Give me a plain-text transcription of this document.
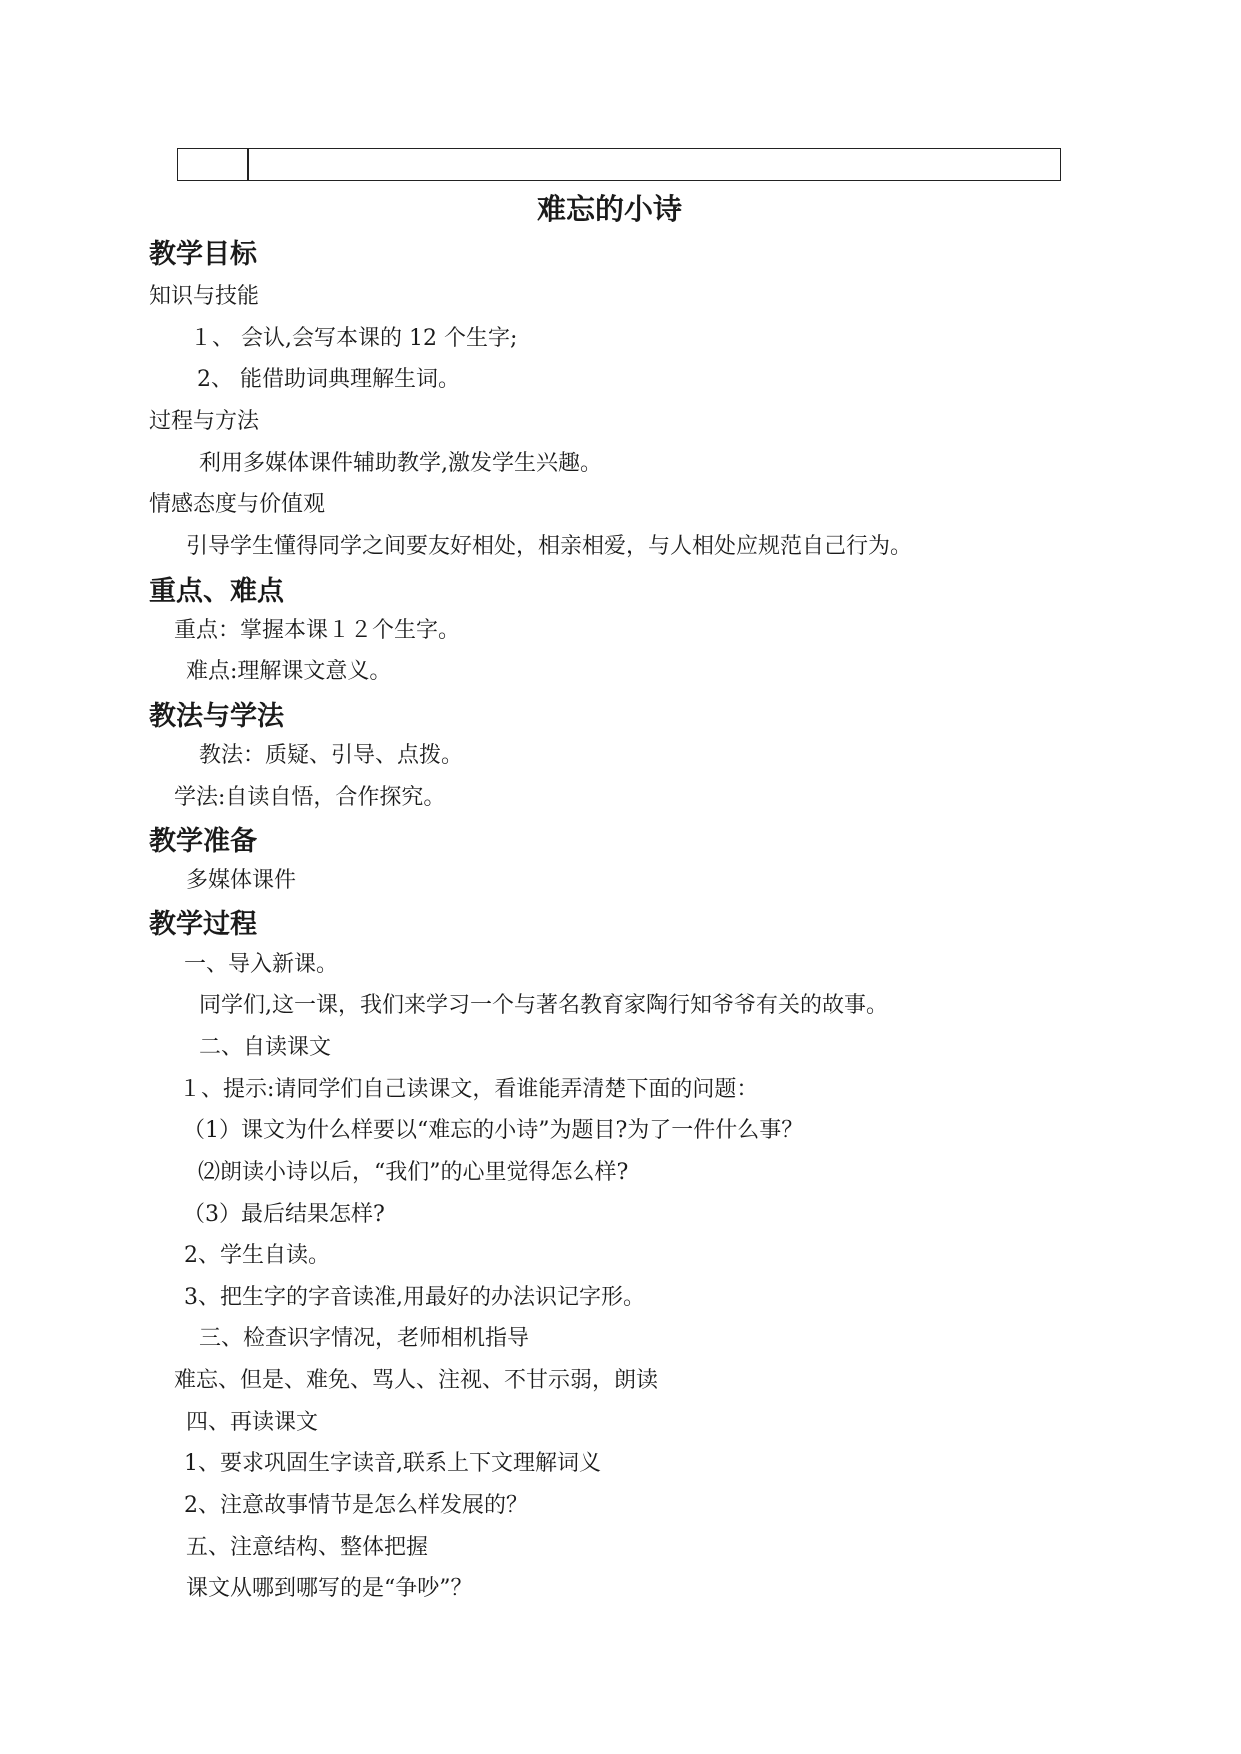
难忘的小诗
教学目标
知识与技能
１、 会认,会写本课的 12 个生字;
2、 能借助词典理解生词。
过程与方法
利用多媒体课件辅助教学,激发学生兴趣。
情感态度与价值观
引导学生懂得同学之间要友好相处，相亲相爱，与人相处应规范自己行为。
重点、难点
重点：掌握本课１２个生字。
难点:理解课文意义。
教法与学法
教法：质疑、引导、点拨。
学法:自读自悟，合作探究。
教学准备
多媒体课件
教学过程
一、导入新课。
同学们,这一课，我们来学习一个与著名教育家陶行知爷爷有关的故事。
二、自读课文
１、提示:请同学们自己读课文，看谁能弄清楚下面的问题：
（1）课文为什么样要以“难忘的小诗”为题目?为了一件什么事？
⑵朗读小诗以后，“我们”的心里觉得怎么样?
（3）最后结果怎样?
2、学生自读。
3、把生字的字音读准,用最好的办法识记字形。
三、检查识字情况，老师相机指导
难忘、但是、难免、骂人、注视、不甘示弱，朗读
四、再读课文
1、要求巩固生字读音,联系上下文理解词义
2、注意故事情节是怎么样发展的？
五、注意结构、整体把握
课文从哪到哪写的是“争吵”？
